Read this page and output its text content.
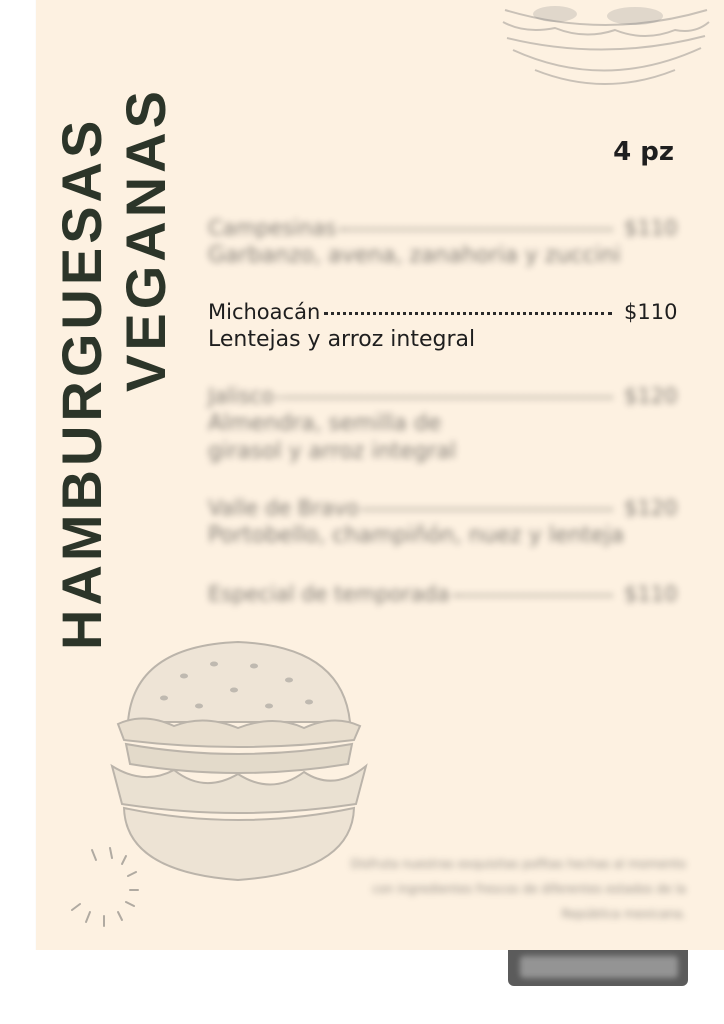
HAMBURGUESAS VEGANAS	4 pz
Campesinas	$110
Garbanzo, avena, zanahoria y zuccini
Michoacán	$110
Lentejas y arroz integral
Jalisco	$120
Almendra, semilla de girasol y arroz integral
Valle de Bravo	$120
Portobello, champiñón, nuez y lenteja
Especial de temporada	$110
Disfruta nuestras exquisitas pofitas hechas al momento con ingredientes frescos de diferentes estados de la República mexicana.
